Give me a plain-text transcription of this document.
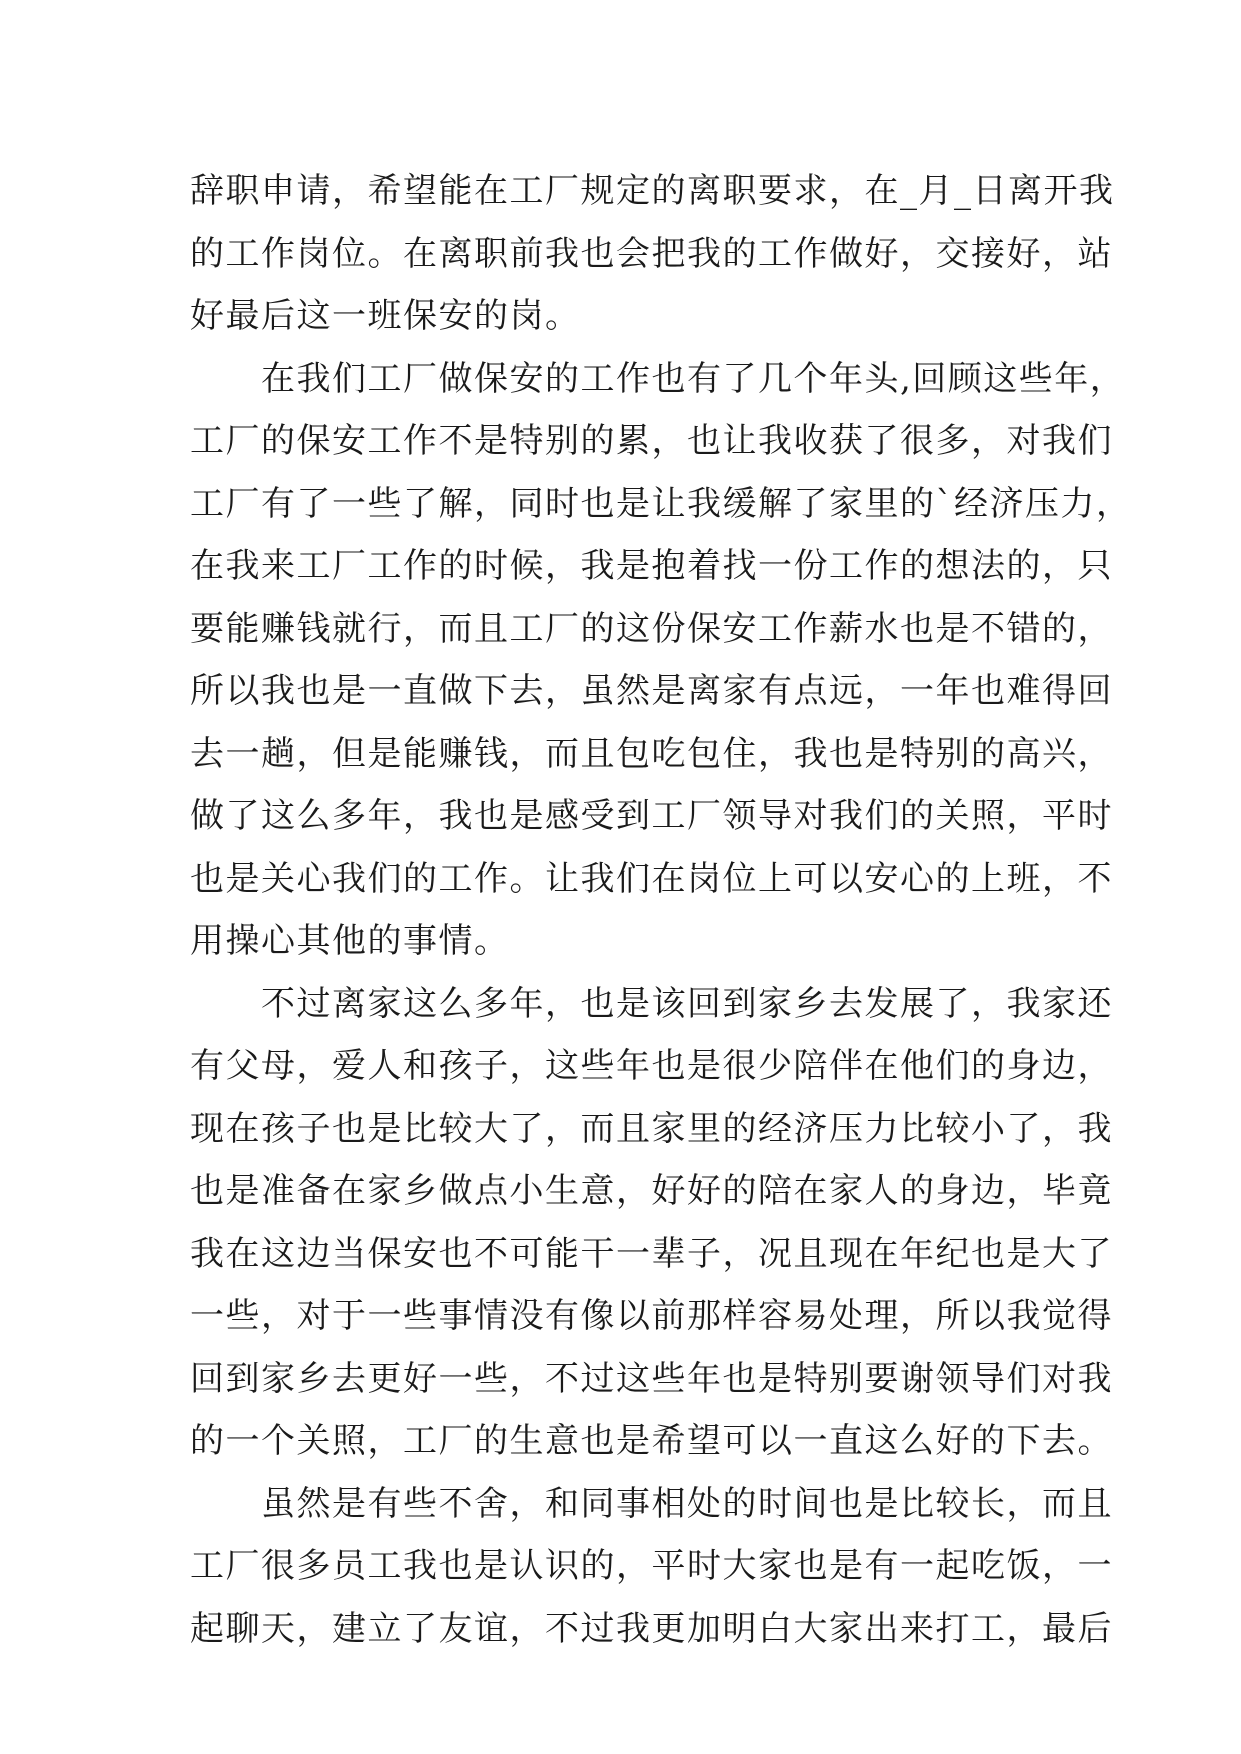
辞职申请，希望能在工厂规定的离职要求，在_月_日离开我
的工作岗位。在离职前我也会把我的工作做好，交接好，站
好最后这一班保安的岗。
　　在我们工厂做保安的工作也有了几个年头,回顾这些年，
工厂的保安工作不是特别的累，也让我收获了很多，对我们
工厂有了一些了解，同时也是让我缓解了家里的`经济压力，
在我来工厂工作的时候，我是抱着找一份工作的想法的，只
要能赚钱就行，而且工厂的这份保安工作薪水也是不错的，
所以我也是一直做下去，虽然是离家有点远，一年也难得回
去一趟，但是能赚钱，而且包吃包住，我也是特别的高兴，
做了这么多年，我也是感受到工厂领导对我们的关照，平时
也是关心我们的工作。让我们在岗位上可以安心的上班，不
用操心其他的事情。
　　不过离家这么多年，也是该回到家乡去发展了，我家还
有父母，爱人和孩子，这些年也是很少陪伴在他们的身边，
现在孩子也是比较大了，而且家里的经济压力比较小了，我
也是准备在家乡做点小生意，好好的陪在家人的身边，毕竟
我在这边当保安也不可能干一辈子，况且现在年纪也是大了
一些，对于一些事情没有像以前那样容易处理，所以我觉得
回到家乡去更好一些，不过这些年也是特别要谢领导们对我
的一个关照，工厂的生意也是希望可以一直这么好的下去。
　　虽然是有些不舍，和同事相处的时间也是比较长，而且
工厂很多员工我也是认识的，平时大家也是有一起吃饭，一
起聊天，建立了友谊，不过我更加明白大家出来打工，最后
